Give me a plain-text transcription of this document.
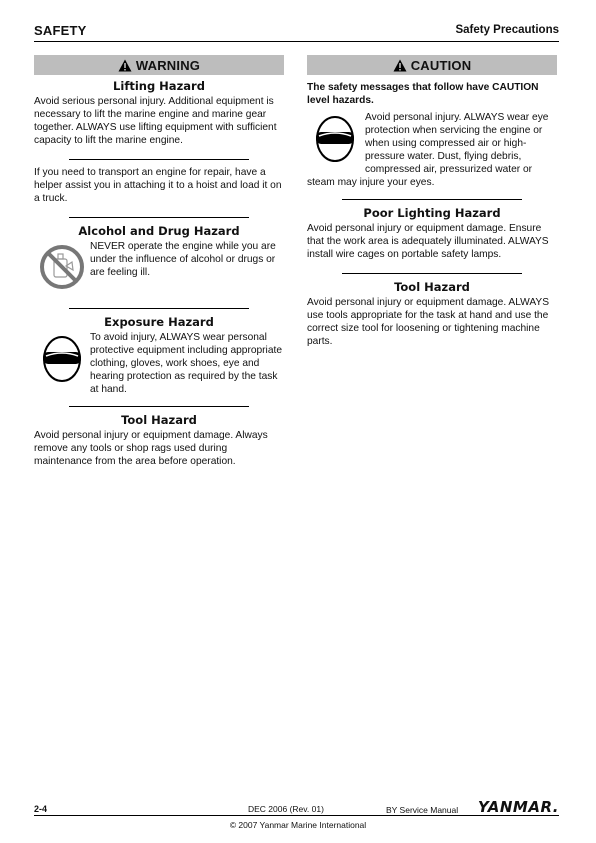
SAFETY	Safety Precautions
WARNING
Lifting Hazard

Avoid serious personal injury. Additional equipment is necessary to lift the marine engine and marine gear together. ALWAYS use lifting equipment with sufficient capacity to lift the marine engine.

If you need to transport an engine for repair, have a helper assist you in attaching it to a hoist and load it on a truck.

Alcohol and Drug Hazard

NEVER operate the engine while you are under the influence of alcohol or drugs or are feeling ill.

Exposure Hazard

To avoid injury, ALWAYS wear personal protective equipment including appropriate clothing, gloves, work shoes, eye and hearing protection as required by the task at hand.

Tool Hazard

Avoid personal injury or equipment damage. Always remove any tools or shop rags used during maintenance from the area before operation.

CAUTION

The safety messages that follow have CAUTION level hazards.

Avoid personal injury. ALWAYS wear eye protection when servicing the engine or when using compressed air or high-pressure water. Dust, flying debris, compressed air, pressurized water or steam may injure your eyes.

Poor Lighting Hazard

Avoid personal injury or equipment damage. Ensure that the work area is adequately illuminated. ALWAYS install wire cages on portable safety lamps.

Tool Hazard

Avoid personal injury or equipment damage. ALWAYS use tools appropriate for the task at hand and use the correct size tool for loosening or tightening machine parts.

2-4	DEC 2006 (Rev. 01)	BY Service Manual YANMAR.
© 2007 Yanmar Marine International
